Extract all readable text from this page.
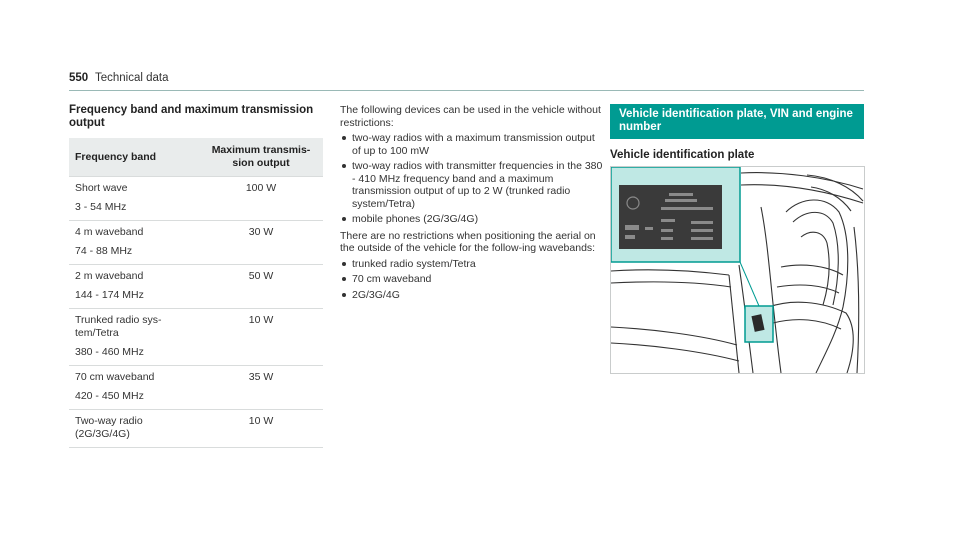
550 Technical data
Frequency band and maximum transmission output
Frequency band	Maximum transmis-sion output

Short wave
3 - 54 MHz	100 W

4 m waveband
74 - 88 MHz	30 W

2 m waveband
144 - 174 MHz	50 W

Trunked radio sys-tem/Tetra
380 - 460 MHz	10 W

70 cm waveband
420 - 450 MHz	35 W

Two-way radio (2G/3G/4G)	10 W

The following devices can be used in the vehicle without restrictions:

two-way radios with a maximum transmission output of up to 100 mW
two-way radios with transmitter frequencies in the 380 - 410 MHz frequency band and a maximum transmission output of up to 2 W (trunked radio system/Tetra)
mobile phones (2G/3G/4G)

There are no restrictions when positioning the aerial on the outside of the vehicle for the follow-ing wavebands:

trunked radio system/Tetra
70 cm waveband
2G/3G/4G
Vehicle identification plate, VIN and engine number
Vehicle identification plate
